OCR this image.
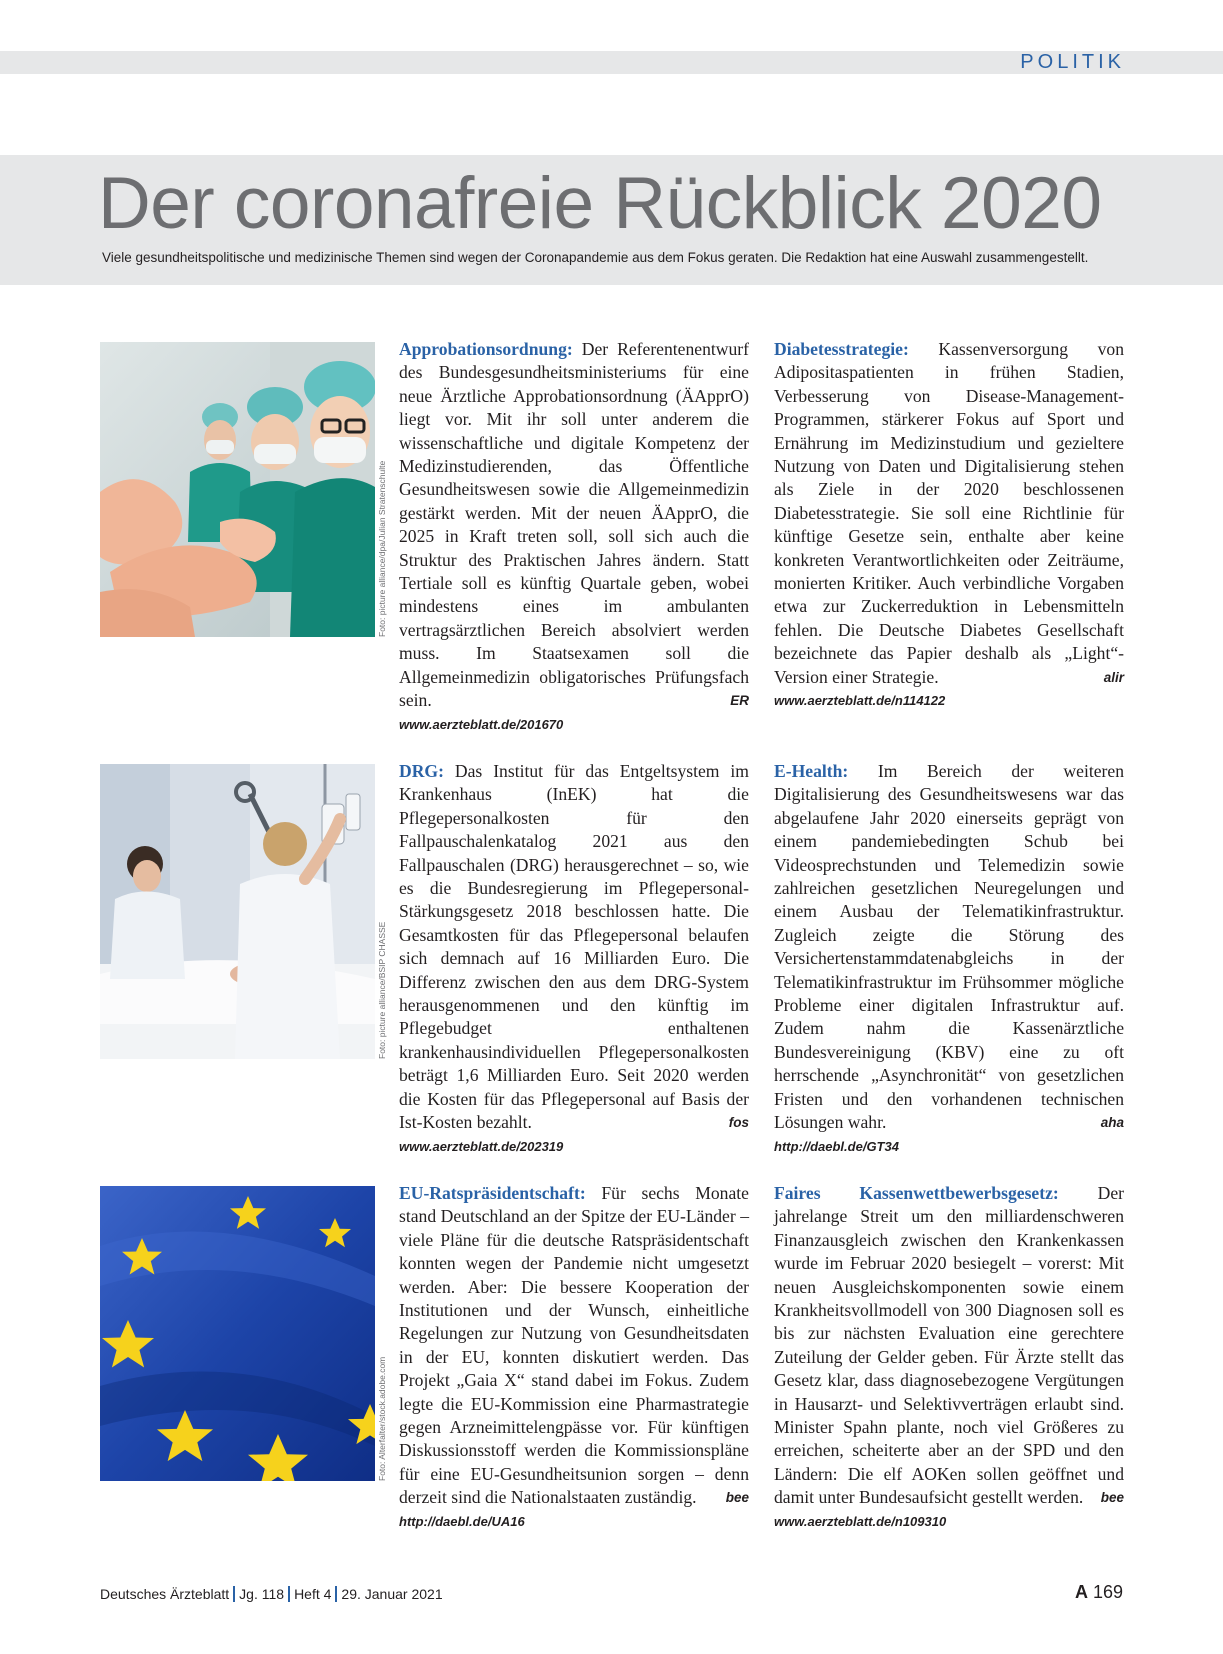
POLITIK
Der coronafreie Rückblick 2020

Viele gesundheitspolitische und medizinische Themen sind wegen der Coronapandemie aus dem Fokus geraten. Die Redaktion hat eine Auswahl zusammengestellt.

Foto: picture alliance/dpa/Julian Stratenschulte
Foto: picture alliance/BSIP CHASSE
Foto: Alterfalter/stock.adobe.com

Approbationsordnung: Der Referentenentwurf des Bundesgesundheitsministeriums für eine neue Ärztliche Approbationsordnung (ÄApprO) liegt vor. Mit ihr soll unter anderem die wissenschaftliche und digitale Kompetenz der Medizinstudierenden, das Öffentliche Gesundheitswesen sowie die Allgemeinmedizin gestärkt werden. Mit der neuen ÄApprO, die 2025 in Kraft treten soll, soll sich auch die Struktur des Praktischen Jahres ändern. Statt Tertiale soll es künftig Quartale geben, wobei mindestens eines im ambulanten vertragsärztlichen Bereich absolviert werden muss. Im Staatsexamen soll die Allgemeinmedizin obligatorisches Prüfungsfach sein.	ER

www.aerzteblatt.de/201670

Diabetesstrategie: Kassenversorgung von Adipositaspatienten in frühen Stadien, Verbesserung von Disease-Management-Programmen, stärkerer Fokus auf Sport und Ernährung im Medizinstudium und gezieltere Nutzung von Daten und Digitalisierung stehen als Ziele in der 2020 beschlossenen Diabetesstrategie. Sie soll eine Richtlinie für künftige Gesetze sein, enthalte aber keine konkreten Verantwortlichkeiten oder Zeiträume, monierten Kritiker. Auch verbindliche Vorgaben etwa zur Zuckerreduktion in Lebensmitteln fehlen. Die Deutsche Diabetes Gesellschaft bezeichnete das Papier deshalb als „Light“-Version einer Strategie.	alir

www.aerzteblatt.de/n114122

DRG: Das Institut für das Entgeltsystem im Krankenhaus (InEK) hat die Pflegepersonalkosten für den Fallpauschalenkatalog 2021 aus den Fallpauschalen (DRG) herausgerechnet – so, wie es die Bundesregierung im Pflegepersonal-Stärkungsgesetz 2018 beschlossen hatte. Die Gesamtkosten für das Pflegepersonal belaufen sich demnach auf 16 Milliarden Euro. Die Differenz zwischen den aus dem DRG-System herausgenommenen und den künftig im Pflegebudget enthaltenen krankenhausindividuellen Pflegepersonalkosten beträgt 1,6 Milliarden Euro. Seit 2020 werden die Kosten für das Pflegepersonal auf Basis der Ist-Kosten bezahlt.	fos

www.aerzteblatt.de/202319

E-Health: Im Bereich der weiteren Digitalisierung des Gesundheitswesens war das abgelaufene Jahr 2020 einerseits geprägt von einem pandemiebedingten Schub bei Videosprechstunden und Telemedizin sowie zahlreichen gesetzlichen Neuregelungen und einem Ausbau der Telematikinfrastruktur. Zugleich zeigte die Störung des Versichertenstammdatenabgleichs in der Telematikinfrastruktur im Frühsommer mögliche Probleme einer digitalen Infrastruktur auf. Zudem nahm die Kassenärztliche Bundesvereinigung (KBV) eine zu oft herrschende „Asynchronität“ von gesetzlichen Fristen und den vorhandenen technischen Lösungen wahr.	aha

http://daebl.de/GT34

EU-Ratspräsidentschaft: Für sechs Monate stand Deutschland an der Spitze der EU-Länder – viele Pläne für die deutsche Ratspräsidentschaft konnten wegen der Pandemie nicht umgesetzt werden. Aber: Die bessere Kooperation der Institutionen und der Wunsch, einheitliche Regelungen zur Nutzung von Gesundheitsdaten in der EU, konnten diskutiert werden. Das Projekt „Gaia X“ stand dabei im Fokus. Zudem legte die EU-Kommission eine Pharmastrategie gegen Arzneimittelengpässe vor. Für künftigen Diskussionsstoff werden die Kommissionspläne für eine EU-Gesundheitsunion sorgen – denn derzeit sind die Nationalstaaten zuständig. bee

http://daebl.de/UA16

Faires Kassenwettbewerbsgesetz: Der jahrelange Streit um den milliardenschweren Finanzausgleich zwischen den Krankenkassen wurde im Februar 2020 besiegelt – vorerst: Mit neuen Ausgleichskomponenten sowie einem Krankheitsvollmodell von 300 Diagnosen soll es bis zur nächsten Evaluation eine gerechtere Zuteilung der Gelder geben. Für Ärzte stellt das Gesetz klar, dass diagnosebezogene Vergütungen in Hausarzt- und Selektivverträgen erlaubt sind. Minister Spahn plante, noch viel Größeres zu erreichen, scheiterte aber an der SPD und den Ländern: Die elf AOKen sollen geöffnet und damit unter Bundesaufsicht gestellt werden. bee

www.aerzteblatt.de/n109310
Deutsches Ärzteblatt Jg. 118 Heft 4 29. Januar 2021	A 169
